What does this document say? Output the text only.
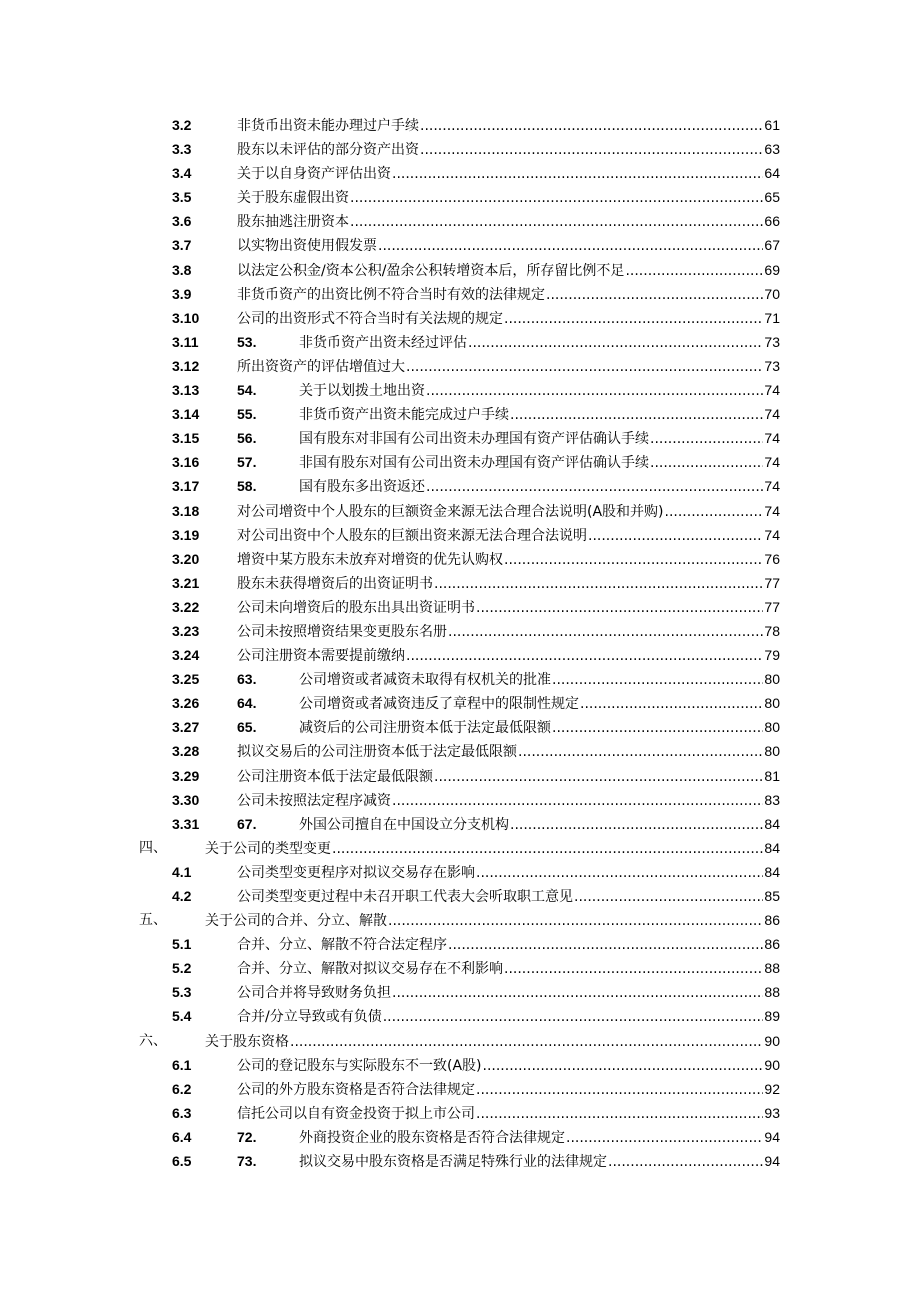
3.2	非货币出资未能办理过户手续 .....	61
3.3	股东以未评估的部分资产出资 .....	63
3.4	关于以自身资产评估出资 .....	64
3.5	关于股东虚假出资 .....	65
3.6	股东抽逃注册资本 .....	66
3.7	以实物出资使用假发票 .....	67
3.8	以法定公积金/资本公积/盈余公积转增资本后，所存留比例不足 .....	69
3.9	非货币资产的出资比例不符合当时有效的法律规定 .....	70
3.10	公司的出资形式不符合当时有关法规的规定 .....	71
3.11	53.	非货币资产出资未经过评估 .....	73
3.12	所出资资产的评估增值过大 .....	73
3.13	54.	关于以划拨土地出资 .....	74
3.14	55.	非货币资产出资未能完成过户手续 .....	74
3.15	56.	国有股东对非国有公司出资未办理国有资产评估确认手续 .....	74
3.16	57.	非国有股东对国有公司出资未办理国有资产评估确认手续 .....	74
3.17	58.	国有股东多出资返还 .....	74
3.18	对公司增资中个人股东的巨额资金来源无法合理合法说明(A股和并购) .....	74
3.19	对公司出资中个人股东的巨额出资来源无法合理合法说明 .....	74
3.20	增资中某方股东未放弃对增资的优先认购权 .....	76
3.21	股东未获得增资后的出资证明书 .....	77
3.22	公司未向增资后的股东出具出资证明书 .....	77
3.23	公司未按照增资结果变更股东名册 .....	78
3.24	公司注册资本需要提前缴纳 .....	79
3.25	63.	公司增资或者减资未取得有权机关的批准 .....	80
3.26	64.	公司增资或者减资违反了章程中的限制性规定 .....	80
3.27	65.	减资后的公司注册资本低于法定最低限额 .....	80
3.28	拟议交易后的公司注册资本低于法定最低限额 .....	80
3.29	公司注册资本低于法定最低限额 .....	81
3.30	公司未按照法定程序减资 .....	83
3.31	67.	外国公司擅自在中国设立分支机构 .....	84
四、	关于公司的类型变更 .....	84
4.1	公司类型变更程序对拟议交易存在影响 .....	84
4.2	公司类型变更过程中未召开职工代表大会听取职工意见 .....	85
五、	关于公司的合并、分立、解散 .....	86
5.1	合并、分立、解散不符合法定程序 .....	86
5.2	合并、分立、解散对拟议交易存在不利影响 .....	88
5.3	公司合并将导致财务负担 .....	88
5.4	合并/分立导致或有负债 .....	89
六、	关于股东资格 .....	90
6.1	公司的登记股东与实际股东不一致(A股) .....	90
6.2	公司的外方股东资格是否符合法律规定 .....	92
6.3	信托公司以自有资金投资于拟上市公司 .....	93
6.4	72.	外商投资企业的股东资格是否符合法律规定 .....	94
6.5	73.	拟议交易中股东资格是否满足特殊行业的法律规定 .....	94
